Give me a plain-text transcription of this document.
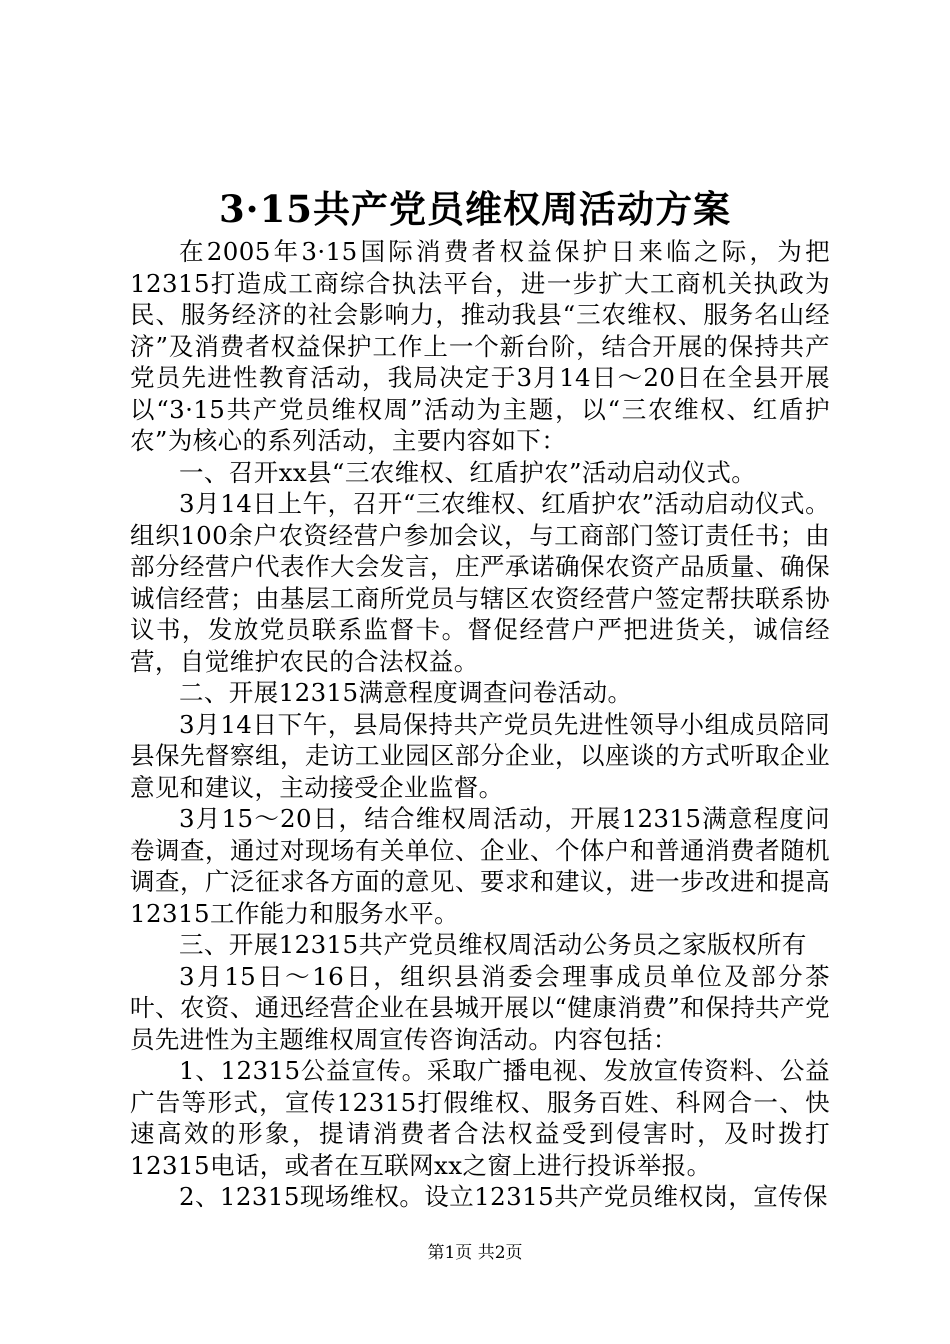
3·15共产党员维权周活动方案

在2005年3·15国际消费者权益保护日来临之际，为把12315打造成工商综合执法平台，进一步扩大工商机关执政为民、服务经济的社会影响力，推动我县“三农维权、服务名山经济”及消费者权益保护工作上一个新台阶，结合开展的保持共产党员先进性教育活动，我局决定于3月14日～20日在全县开展以“3·15共产党员维权周”活动为主题，以“三农维权、红盾护农”为核心的系列活动，主要内容如下：

一、召开xx县“三农维权、红盾护农”活动启动仪式。

3月14日上午，召开“三农维权、红盾护农”活动启动仪式。组织100余户农资经营户参加会议，与工商部门签订责任书；由部分经营户代表作大会发言，庄严承诺确保农资产品质量、确保诚信经营；由基层工商所党员与辖区农资经营户签定帮扶联系协议书，发放党员联系监督卡。督促经营户严把进货关，诚信经营，自觉维护农民的合法权益。

二、开展12315满意程度调查问卷活动。

3月14日下午，县局保持共产党员先进性领导小组成员陪同县保先督察组，走访工业园区部分企业，以座谈的方式听取企业意见和建议，主动接受企业监督。

3月15～20日，结合维权周活动，开展12315满意程度问卷调查，通过对现场有关单位、企业、个体户和普通消费者随机调查，广泛征求各方面的意见、要求和建议，进一步改进和提高12315工作能力和服务水平。

三、开展12315共产党员维权周活动公务员之家版权所有

3月15日～16日，组织县消委会理事成员单位及部分茶叶、农资、通迅经营企业在县城开展以“健康消费”和保持共产党员先进性为主题维权周宣传咨询活动。内容包括：

1、12315公益宣传。采取广播电视、发放宣传资料、公益广告等形式，宣传12315打假维权、服务百姓、科网合一、快速高效的形象，提请消费者合法权益受到侵害时，及时拨打12315电话，或者在互联网xx之窗上进行投诉举报。

2、12315现场维权。设立12315共产党员维权岗，宣传保

第1页 共2页
